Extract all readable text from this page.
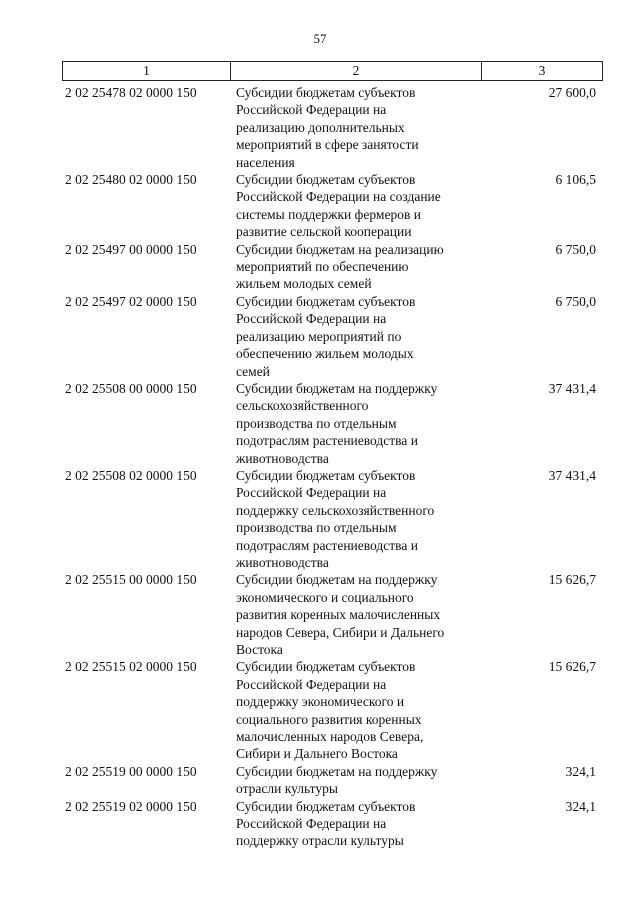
57
1	2	3
2 02 25478 02 0000 150	Субсидии бюджетам субъектов
Российской Федерации на
реализацию дополнительных
мероприятий в сфере занятости
населения
27 600,0
2 02 25480 02 0000 150	Субсидии бюджетам субъектов
Российской Федерации на создание
системы поддержки фермеров и
развитие сельской кооперации
6 106,5
2 02 25497 00 0000 150	Субсидии бюджетам на реализацию
мероприятий по обеспечению
жильем молодых семей
6 750,0
2 02 25497 02 0000 150	Субсидии бюджетам субъектов
Российской Федерации на
реализацию мероприятий по
обеспечению жильем молодых
семей
6 750,0
2 02 25508 00 0000 150	Субсидии бюджетам на поддержку
сельскохозяйственного
производства по отдельным
подотраслям растениеводства и
животноводства
37 431,4
2 02 25508 02 0000 150	Субсидии бюджетам субъектов
Российской Федерации на
поддержку сельскохозяйственного
производства по отдельным
подотраслям растениеводства и
животноводства
37 431,4
2 02 25515 00 0000 150	Субсидии бюджетам на поддержку
экономического и социального
развития коренных малочисленных
народов Севера, Сибири и Дальнего
Востока
15 626,7
2 02 25515 02 0000 150	Субсидии бюджетам субъектов
Российской Федерации на
поддержку экономического и
социального развития коренных
малочисленных народов Севера,
Сибири и Дальнего Востока
15 626,7
2 02 25519 00 0000 150	Субсидии бюджетам на поддержку
отрасли культуры
324,1
2 02 25519 02 0000 150	Субсидии бюджетам субъектов
Российской Федерации на
поддержку отрасли культуры
324,1
